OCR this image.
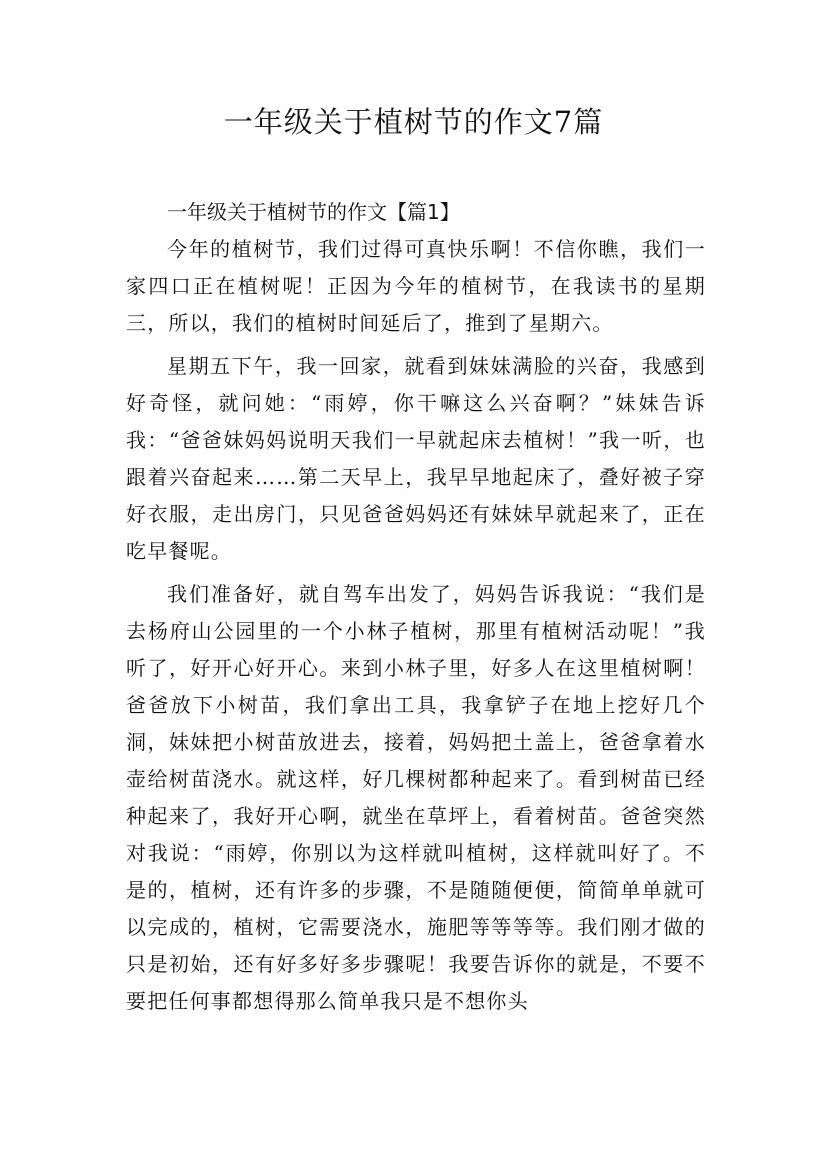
一年级关于植树节的作文7篇

一年级关于植树节的作文【篇1】

今年的植树节，我们过得可真快乐啊！不信你瞧，我们一家四口正在植树呢！正因为今年的植树节，在我读书的星期三，所以，我们的植树时间延后了，推到了星期六。

星期五下午，我一回家，就看到妹妹满脸的兴奋，我感到好奇怪，就问她：“雨婷，你干嘛这么兴奋啊？”妹妹告诉我：“爸爸妹妈妈说明天我们一早就起床去植树！”我一听，也跟着兴奋起来……第二天早上，我早早地起床了，叠好被子穿好衣服，走出房门，只见爸爸妈妈还有妹妹早就起来了，正在吃早餐呢。

我们准备好，就自驾车出发了，妈妈告诉我说：“我们是去杨府山公园里的一个小林子植树，那里有植树活动呢！”我听了，好开心好开心。来到小林子里，好多人在这里植树啊！爸爸放下小树苗，我们拿出工具，我拿铲子在地上挖好几个洞，妹妹把小树苗放进去，接着，妈妈把土盖上，爸爸拿着水壶给树苗浇水。就这样，好几棵树都种起来了。看到树苗已经种起来了，我好开心啊，就坐在草坪上，看着树苗。爸爸突然对我说：“雨婷，你别以为这样就叫植树，这样就叫好了。不是的，植树，还有许多的步骤，不是随随便便，简简单单就可以完成的，植树，它需要浇水，施肥等等等等。我们刚才做的只是初始，还有好多好多步骤呢！我要告诉你的就是，不要不要把任何事都想得那么简单我只是不想你头
